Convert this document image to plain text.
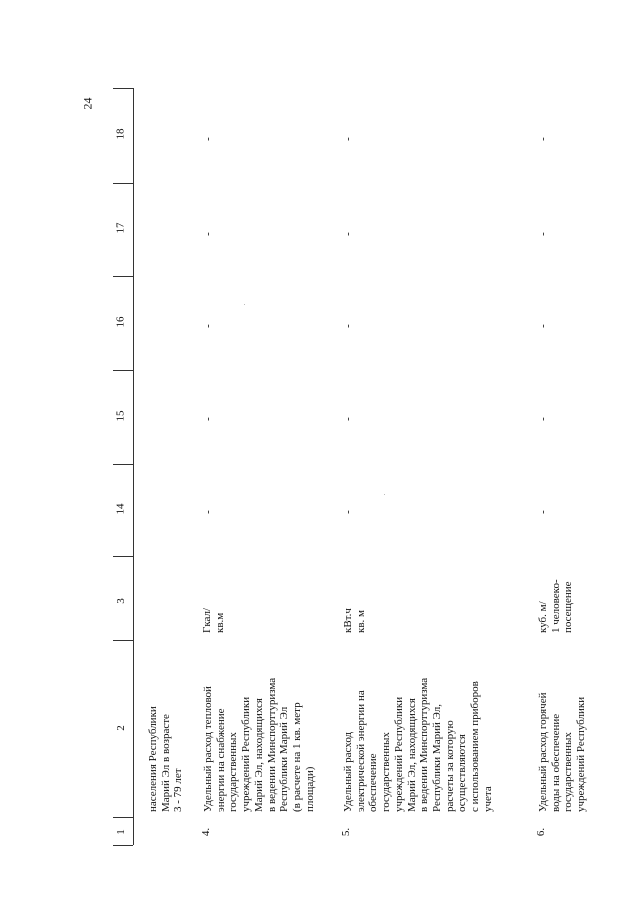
24
18
17
16
15
14
3
2
1
населения Республики
Марий Эл в возрасте
3 - 79 лет
4.
Удельный расход тепловой
энергии на снабжение
государственных
учреждений Республики
Марий Эл, находящихся
в ведении Минспорттуризма
Республики Марий Эл
(в расчете на 1 кв. метр
площади)
Гкал/
кв.м
-
-
-
-
-
5.
Удельный расход
электрической энергии на
обеспечение
государственных
учреждений Республики
Марий Эл, находящихся
в ведении Минспорттуризма
Республики Марий Эл,
расчеты за которую
осуществляются
с использованием приборов
учета
кВт.ч
кв. м
-
-
-
-
-
6.
Удельный расход горячей
воды на обеспечение
государственных
учреждений Республики
куб. м/
1 человеко-
посещение
-
-
-
-
-
